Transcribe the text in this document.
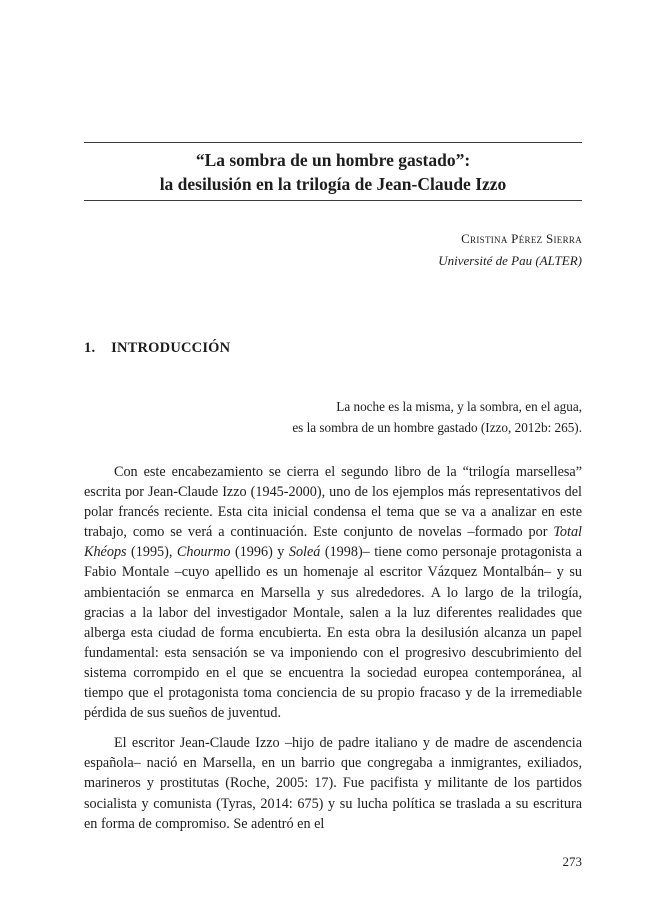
“La sombra de un hombre gastado”:
la desilusión en la trilogía de Jean-Claude Izzo
Cristina Pérez Sierra
Université de Pau (ALTER)
1. INTRODUCCIÓN
La noche es la misma, y la sombra, en el agua,
es la sombra de un hombre gastado (Izzo, 2012b: 265).

Con este encabezamiento se cierra el segundo libro de la “trilogía marsellesa” escrita por Jean-Claude Izzo (1945-2000), uno de los ejemplos más representativos del polar francés reciente. Esta cita inicial condensa el tema que se va a analizar en este trabajo, como se verá a continuación. Este conjunto de novelas –formado por Total Khéops (1995), Chourmo (1996) y Soleá (1998)– tiene como personaje protagonista a Fabio Montale –cuyo apellido es un homenaje al escritor Vázquez Montalbán– y su ambientación se enmarca en Marsella y sus alrededores. A lo largo de la trilogía, gracias a la labor del investigador Montale, salen a la luz diferentes realidades que alberga esta ciudad de forma encubierta. En esta obra la desilusión alcanza un papel fundamental: esta sensación se va imponiendo con el progresivo descubrimiento del sistema corrompido en el que se encuentra la sociedad europea contemporánea, al tiempo que el protagonista toma conciencia de su propio fracaso y de la irremediable pérdida de sus sueños de juventud.

El escritor Jean-Claude Izzo –hijo de padre italiano y de madre de ascendencia española– nació en Marsella, en un barrio que congregaba a inmigrantes, exiliados, marineros y prostitutas (Roche, 2005: 17). Fue pacifista y militante de los partidos socialista y comunista (Tyras, 2014: 675) y su lucha política se traslada a su escritura en forma de compromiso. Se adentró en el

273
